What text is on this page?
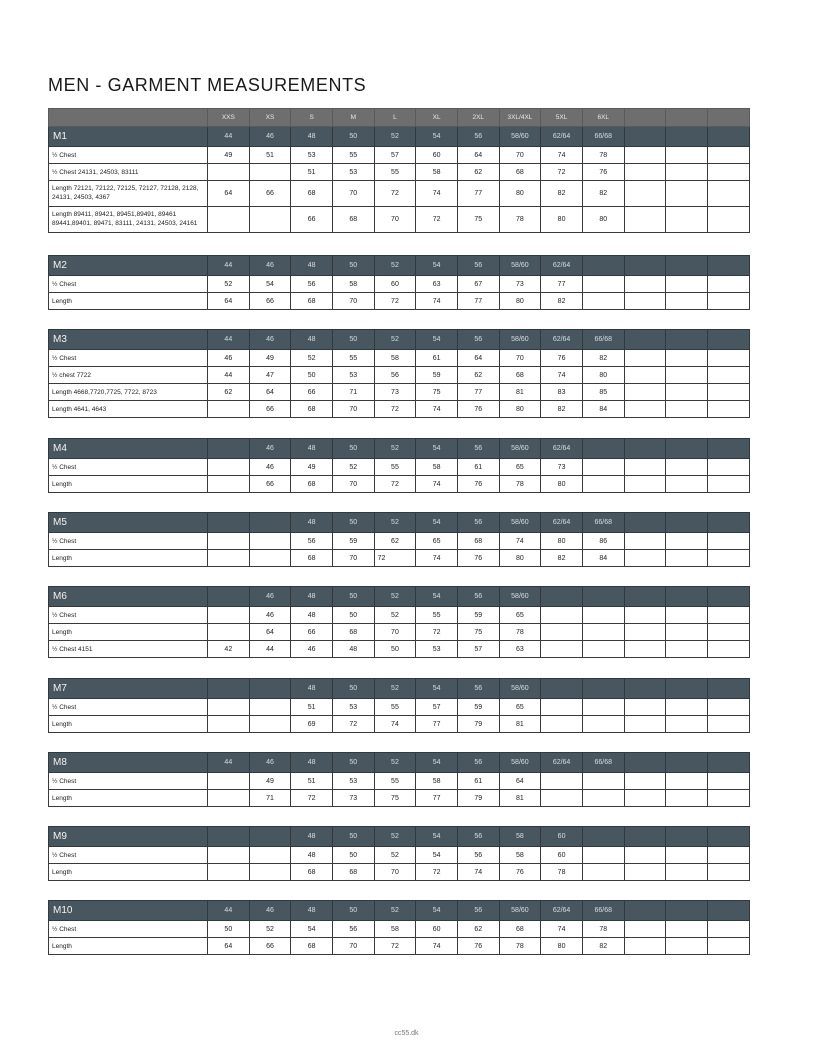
MEN - GARMENT MEASUREMENTS
	XXS	XS	S	M	L	XL	2XL	3XL/4XL	5XL	6XL			
M1	44	46	48	50	52	54	56	58/60	62/64	66/68			
½ Chest	49	51	53	55	57	60	64	70	74	78			
½ Chest 24131, 24503, 83111			51	53	55	58	62	68	72	76			
Length 72121, 72122, 72125, 72127, 72128, 2128, 24131, 24503, 4367	64	66	68	70	72	74	77	80	82	82			
Length 89411, 89421, 89451,89491, 89461 89441,89401, 89471, 83111, 24131, 24503, 24161			66	68	70	72	75	78	80	80			
M2	44	46	48	50	52	54	56	58/60	62/64				
½ Chest	52	54	56	58	60	63	67	73	77				
Length	64	66	68	70	72	74	77	80	82				
M3	44	46	48	50	52	54	56	58/60	62/64	66/68			
½ Chest	46	49	52	55	58	61	64	70	76	82			
½ chest 7722	44	47	50	53	56	59	62	68	74	80			
Length 4668,7720,7725, 7722, 8723	62	64	66	71	73	75	77	81	83	85			
Length 4641, 4643		66	68	70	72	74	76	80	82	84			
M4		46	48	50	52	54	56	58/60	62/64				
½ Chest		46	49	52	55	58	61	65	73				
Length		66	68	70	72	74	76	78	80				
M5			48	50	52	54	56	58/60	62/64	66/68			
½ Chest			56	59	62	65	68	74	80	86			
Length			68	70	72	74	76	80	82	84			
M6		46	48	50	52	54	56	58/60					
½ Chest		46	48	50	52	55	59	65					
Length		64	66	68	70	72	75	78					
½ Chest 4151	42	44	46	48	50	53	57	63					
M7			48	50	52	54	56	58/60					
½ Chest			51	53	55	57	59	65					
Length			69	72	74	77	79	81					
M8	44	46	48	50	52	54	56	58/60	62/64	66/68			
½ Chest		49	51	53	55	58	61	64					
Length		71	72	73	75	77	79	81					
M9			48	50	52	54	56	58	60				
½ Chest			48	50	52	54	56	58	60				
Length			68	68	70	72	74	76	78				
M10	44	46	48	50	52	54	56	58/60	62/64	66/68			
½ Chest	50	52	54	56	58	60	62	68	74	78			
Length	64	66	68	70	72	74	76	78	80	82			
cc55.dk
